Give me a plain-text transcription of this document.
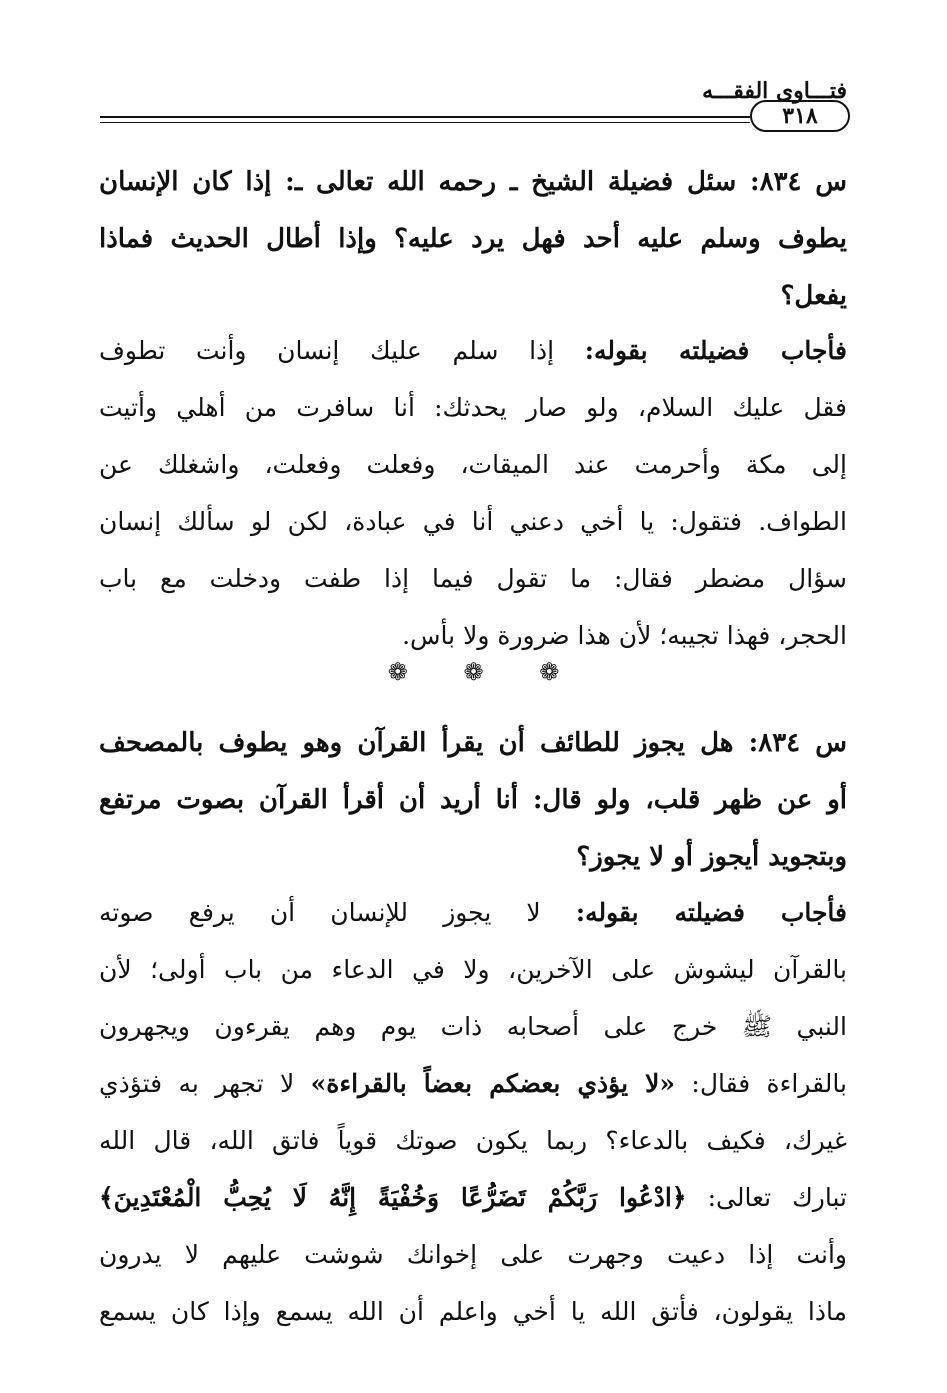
فتـــاوى الفقـــه
٣١٨
س ٨٣٤: سئل فضيلة الشيخ ـ رحمه الله تعالى ـ: إذا كان الإنسان
يطوف وسلم عليه أحد فهل يرد عليه؟ وإذا أطال الحديث فماذا
يفعل؟
فأجاب فضيلته بقوله: إذا سلم عليك إنسان وأنت تطوف
فقل عليك السلام، ولو صار يحدثك: أنا سافرت من أهلي وأتيت
إلى مكة وأحرمت عند الميقات، وفعلت وفعلت، واشغلك عن
الطواف. فتقول: يا أخي دعني أنا في عبادة، لكن لو سألك إنسان
سؤال مضطر فقال: ما تقول فيما إذا طفت ودخلت مع باب
الحجر، فهذا تجيبه؛ لأن هذا ضرورة ولا بأس.
❁ ❁ ❁
س ٨٣٤: هل يجوز للطائف أن يقرأ القرآن وهو يطوف بالمصحف
أو عن ظهر قلب، ولو قال: أنا أريد أن أقرأ القرآن بصوت مرتفع
وبتجويد أيجوز أو لا يجوز؟
فأجاب فضيلته بقوله: لا يجوز للإنسان أن يرفع صوته
بالقرآن ليشوش على الآخرين، ولا في الدعاء من باب أولى؛ لأن
النبي ﷺ خرج على أصحابه ذات يوم وهم يقرءون ويجهرون
بالقراءة فقال: «لا يؤذي بعضكم بعضاً بالقراءة» لا تجهر به فتؤذي
غيرك، فكيف بالدعاء؟ ربما يكون صوتك قوياً فاتق الله، قال الله
تبارك تعالى: ﴿ادْعُوا رَبَّكُمْ تَضَرُّعًا وَخُفْيَةً إِنَّهُ لَا يُحِبُّ الْمُعْتَدِينَ﴾
وأنت إذا دعيت وجهرت على إخوانك شوشت عليهم لا يدرون
ماذا يقولون، فأتق الله يا أخي واعلم أن الله يسمع وإذا كان يسمع
